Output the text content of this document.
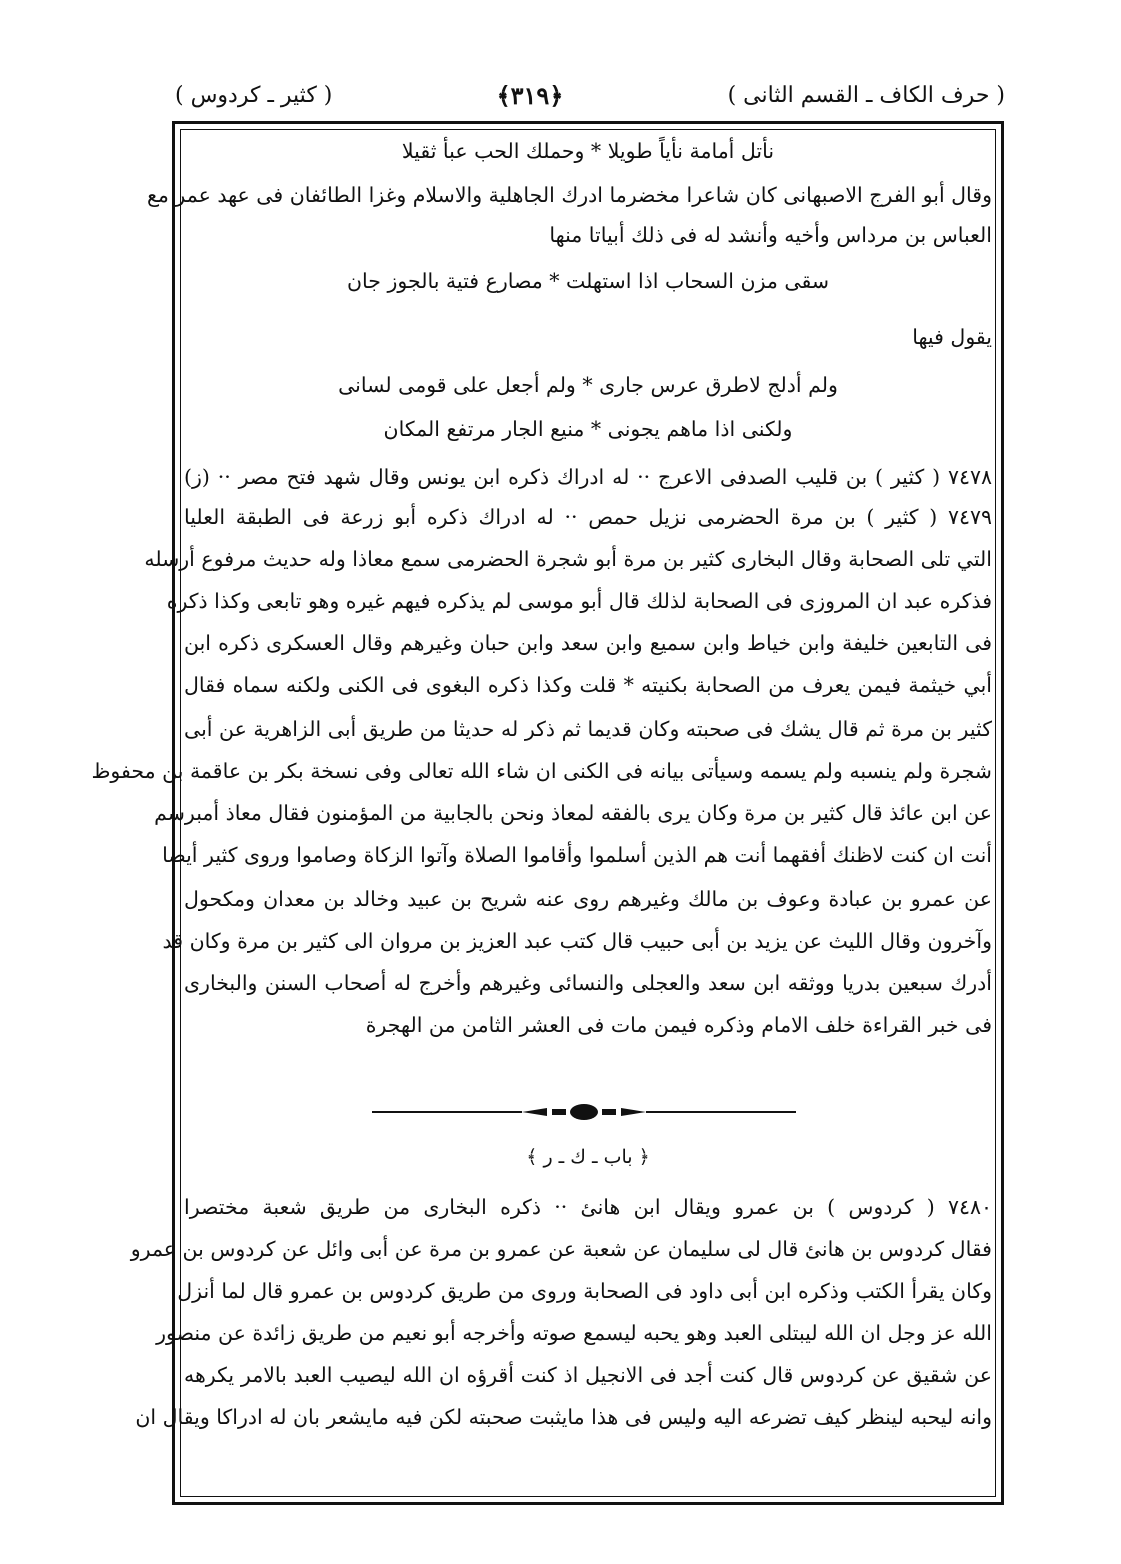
( حرف الكاف ـ القسم الثانى )
﴿٣١٩﴾
( كثير ـ كردوس )
نأتل أمامة نأياً طويلا * وحملك الحب عبأ ثقيلا
وقال أبو الفرج الاصبهانى كان شاعرا مخضرما ادرك الجاهلية والاسلام وغزا الطائفان فى عهد عمر مع
العباس بن مرداس وأخيه وأنشد له فى ذلك أبياتا منها
سقى مزن السحاب اذا استهلت * مصارع فتية بالجوز جان
يقول فيها
ولم أدلج لاطرق عرس جارى * ولم أجعل على قومى لسانى
ولكنى اذا ماهم يجونى * منيع الجار مرتفع المكان
٧٤٧٨ ( كثير ) بن قليب الصدفى الاعرج ·· له ادراك ذكره ابن يونس وقال شهد فتح مصر ·· (ز)
٧٤٧٩ ( كثير ) بن مرة الحضرمى نزيل حمص ·· له ادراك ذكره أبو زرعة فى الطبقة العليا
التي تلى الصحابة وقال البخارى كثير بن مرة أبو شجرة الحضرمى سمع معاذا وله حديث مرفوع أرسله
فذكره عبد ان المروزى فى الصحابة لذلك قال أبو موسى لم يذكره فيهم غيره وهو تابعى وكذا ذكره
فى التابعين خليفة وابن خياط وابن سميع وابن سعد وابن حبان وغيرهم وقال العسكرى ذكره ابن
أبي خيثمة فيمن يعرف من الصحابة بكنيته * قلت وكذا ذكره البغوى فى الكنى ولكنه سماه فقال
كثير بن مرة ثم قال يشك فى صحبته وكان قديما ثم ذكر له حديثا من طريق أبى الزاهرية عن أبى
شجرة ولم ينسبه ولم يسمه وسيأتى بيانه فى الكنى ان شاء الله تعالى وفى نسخة بكر بن عاقمة بن محفوظ
عن ابن عائذ قال كثير بن مرة وكان يرى بالفقه لمعاذ ونحن بالجابية من المؤمنون فقال معاذ أمبرسم
أنت ان كنت لاظنك أفقهما أنت هم الذين أسلموا وأقاموا الصلاة وآتوا الزكاة وصاموا وروى كثير أيضا
عن عمرو بن عبادة وعوف بن مالك وغيرهم روى عنه شريح بن عبيد وخالد بن معدان ومكحول
وآخرون وقال الليث عن يزيد بن أبى حبيب قال كتب عبد العزيز بن مروان الى كثير بن مرة وكان قد
أدرك سبعين بدريا ووثقه ابن سعد والعجلى والنسائى وغيرهم وأخرج له أصحاب السنن والبخارى
فى خبر القراءة خلف الامام وذكره فيمن مات فى العشر الثامن من الهجرة
﴿ باب ـ ك ـ ر ﴾
٧٤٨٠ ( كردوس ) بن عمرو ويقال ابن هانئ ·· ذكره البخارى من طريق شعبة مختصرا
فقال كردوس بن هانئ قال لى سليمان عن شعبة عن عمرو بن مرة عن أبى وائل عن كردوس بن عمرو
وكان يقرأ الكتب وذكره ابن أبى داود فى الصحابة وروى من طريق كردوس بن عمرو قال لما أنزل
الله عز وجل ان الله ليبتلى العبد وهو يحبه ليسمع صوته وأخرجه أبو نعيم من طريق زائدة عن منصور
عن شقيق عن كردوس قال كنت أجد فى الانجيل اذ كنت أقرؤه ان الله ليصيب العبد بالامر يكرهه
وانه ليحبه لينظر كيف تضرعه اليه وليس فى هذا مايثبت صحبته لكن فيه مايشعر بان له ادراكا ويقال ان
